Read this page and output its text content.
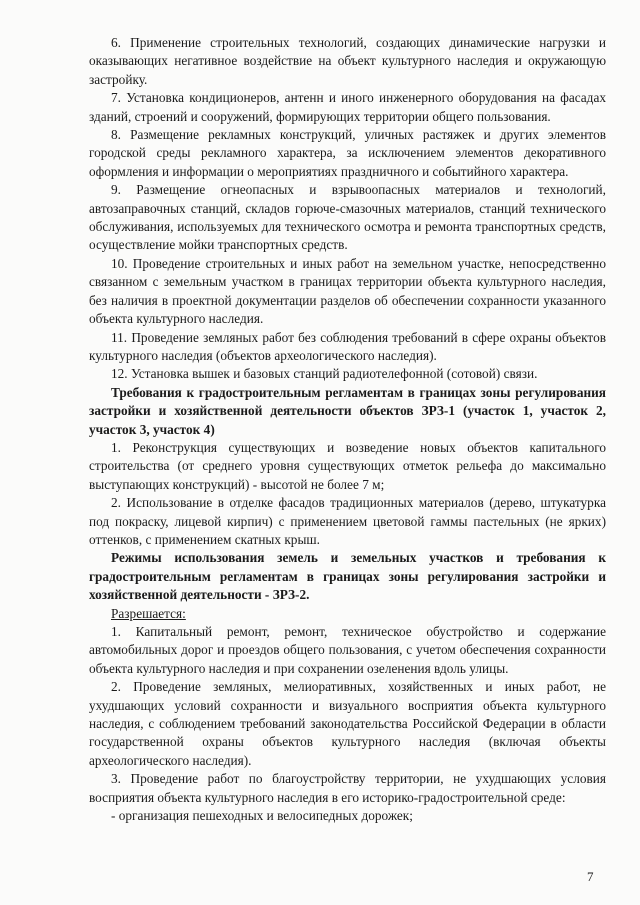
6. Применение строительных технологий, создающих динамические нагрузки и оказывающих негативное воздействие на объект культурного наследия и окружающую застройку.

7. Установка кондиционеров, антенн и иного инженерного оборудования на фасадах зданий, строений и сооружений, формирующих территории общего пользования.

8. Размещение рекламных конструкций, уличных растяжек и других элементов городской среды рекламного характера, за исключением элементов декоративного оформления и информации о мероприятиях праздничного и событийного характера.

9. Размещение огнеопасных и взрывоопасных материалов и технологий, автозаправочных станций, складов горюче-смазочных материалов, станций технического обслуживания, используемых для технического осмотра и ремонта транспортных средств, осуществление мойки транспортных средств.

10. Проведение строительных и иных работ на земельном участке, непосредственно связанном с земельным участком в границах территории объекта культурного наследия, без наличия в проектной документации разделов об обеспечении сохранности указанного объекта культурного наследия.

11. Проведение земляных работ без соблюдения требований в сфере охраны объектов культурного наследия (объектов археологического наследия).

12. Установка вышек и базовых станций радиотелефонной (сотовой) связи.

Требования к градостроительным регламентам в границах зоны регулирования застройки и хозяйственной деятельности объектов ЗРЗ-1 (участок 1, участок 2, участок 3, участок 4)

1. Реконструкция существующих и возведение новых объектов капитального строительства (от среднего уровня существующих отметок рельефа до максимально выступающих конструкций) - высотой не более 7 м;

2. Использование в отделке фасадов традиционных материалов (дерево, штукатурка под покраску, лицевой кирпич) с применением цветовой гаммы пастельных (не ярких) оттенков, с применением скатных крыш.

Режимы использования земель и земельных участков и требования к градостроительным регламентам в границах зоны регулирования застройки и хозяйственной деятельности - ЗРЗ-2.

Разрешается:

1. Капитальный ремонт, ремонт, техническое обустройство и содержание автомобильных дорог и проездов общего пользования, с учетом обеспечения сохранности объекта культурного наследия и при сохранении озеленения вдоль улицы.

2. Проведение земляных, мелиоративных, хозяйственных и иных работ, не ухудшающих условий сохранности и визуального восприятия объекта культурного наследия, с соблюдением требований законодательства Российской Федерации в области государственной охраны объектов культурного наследия (включая объекты археологического наследия).

3. Проведение работ по благоустройству территории, не ухудшающих условия восприятия объекта культурного наследия в его историко-градостроительной среде:

- организация пешеходных и велосипедных дорожек;

7
